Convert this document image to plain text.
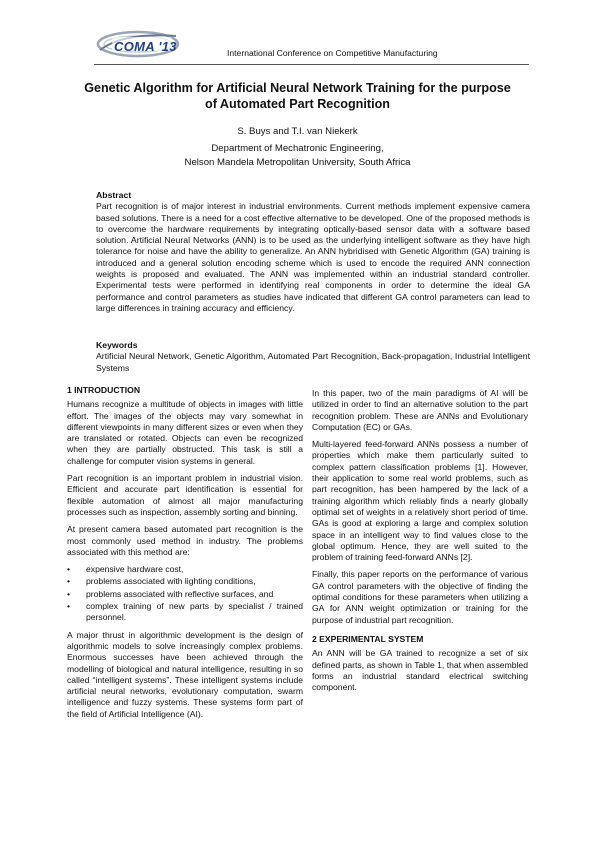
COMA '13	International Conference on Competitive Manufacturing
Genetic Algorithm for Artificial Neural Network Training for the purpose of Automated Part Recognition
S. Buys and T.I. van Niekerk
Department of Mechatronic Engineering,
Nelson Mandela Metropolitan University, South Africa
Abstract

Part recognition is of major interest in industrial environments. Current methods implement expensive camera based solutions. There is a need for a cost effective alternative to be developed. One of the proposed methods is to overcome the hardware requirements by integrating optically-based sensor data with a software based solution. Artificial Neural Networks (ANN) is to be used as the underlying intelligent software as they have high tolerance for noise and have the ability to generalize. An ANN hybridised with Genetic Algorithm (GA) training is introduced and a general solution encoding scheme which is used to encode the required ANN connection weights is proposed and evaluated. The ANN was implemented within an industrial standard controller. Experimental tests were performed in identifying real components in order to determine the ideal GA performance and control parameters as studies have indicated that different GA control parameters can lead to large differences in training accuracy and efficiency.

Keywords

Artificial Neural Network, Genetic Algorithm, Automated Part Recognition, Back-propagation, Industrial Intelligent Systems

1 INTRODUCTION

Humans recognize a multitude of objects in images with little effort. The images of the objects may vary somewhat in different viewpoints in many different sizes or even when they are translated or rotated. Objects can even be recognized when they are partially obstructed. This task is still a challenge for computer vision systems in general.

Part recognition is an important problem in industrial vision. Efficient and accurate part identification is essential for flexible automation of almost all major manufacturing processes such as inspection, assembly sorting and binning.

At present camera based automated part recognition is the most commonly used method in industry. The problems associated with this method are:

• expensive hardware cost,
• problems associated with lighting conditions,
• problems associated with reflective surfaces, and
• complex training of new parts by specialist / trained personnel.

A major thrust in algorithmic development is the design of algorithmic models to solve increasingly complex problems. Enormous successes have been achieved through the modelling of biological and natural intelligence, resulting in so called “intelligent systems”. These intelligent systems include artificial neural networks, evolutionary computation, swarm intelligence and fuzzy systems. These systems form part of the field of Artificial Intelligence (AI).

In this paper, two of the main paradigms of AI will be utilized in order to find an alternative solution to the part recognition problem. These are ANNs and Evolutionary Computation (EC) or GAs.

Multi-layered feed-forward ANNs possess a number of properties which make them particularly suited to complex pattern classification problems [1]. However, their application to some real world problems, such as part recognition, has been hampered by the lack of a training algorithm which reliably finds a nearly globally optimal set of weights in a relatively short period of time. GAs is good at exploring a large and complex solution space in an intelligent way to find values close to the global optimum. Hence, they are well suited to the problem of training feed-forward ANNs [2].

Finally, this paper reports on the performance of various GA control parameters with the objective of finding the optimal conditions for these parameters when utilizing a GA for ANN weight optimization or training for the purpose of industrial part recognition.

2 EXPERIMENTAL SYSTEM

An ANN will be GA trained to recognize a set of six defined parts, as shown in Table 1, that when assembled forms an industrial standard electrical switching component.
